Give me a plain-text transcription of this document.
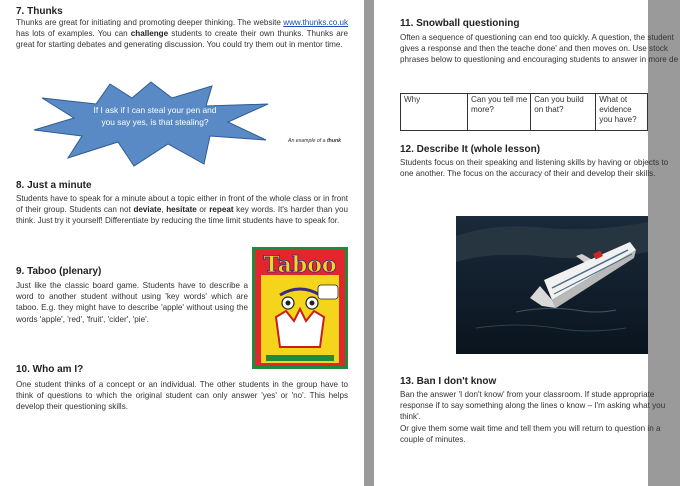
7. Thunks

Thunks are great for initiating and promoting deeper thinking. The website www.thunks.co.uk has lots of examples. You can challenge students to create their own thunks. Thunks are great for starting debates and generating discussion. You could try them out in mentor time.

If I ask if I can steal your pen and you say yes, is that stealing?
An example of a thunk
8. Just a minute

Students have to speak for a minute about a topic either in front of the whole class or in front of their group. Students can not deviate, hesitate or repeat key words. It's harder than you think. Just try it yourself! Differentiate by reducing the time limit students have to speak for.

9. Taboo (plenary)

Just like the classic board game. Students have to describe a word to another student without using 'key words' which are taboo. E.g. they might have to describe 'apple' without using the words 'apple', 'red', 'fruit', 'cider', 'pie'.

Taboo
10. Who am I?

One student thinks of a concept or an individual. The other students in the group have to think of questions to which the original student can only answer 'yes' or 'no'. This helps develop their questioning skills.

11. Snowball questioning

Often a sequence of questioning can end too quickly. A question, the student gives a response and then the teache done' and then moves on. Use stock phrases below to questioning and encouraging students to answer in more de

Why	Can you tell me more?	Can you build on that?	What ot evidence you have?
12. Describe It (whole lesson)

Students focus on their speaking and listening skills by having or objects to one another. The focus on the accuracy of their and develop their skills.

13. Ban I don't know

Ban the answer 'I don't know' from your classroom. If stude appropriate response if to say something along the lines o know – I'm asking what you think'.

Or give them some wait time and tell them you will return to question in a couple of minutes.
